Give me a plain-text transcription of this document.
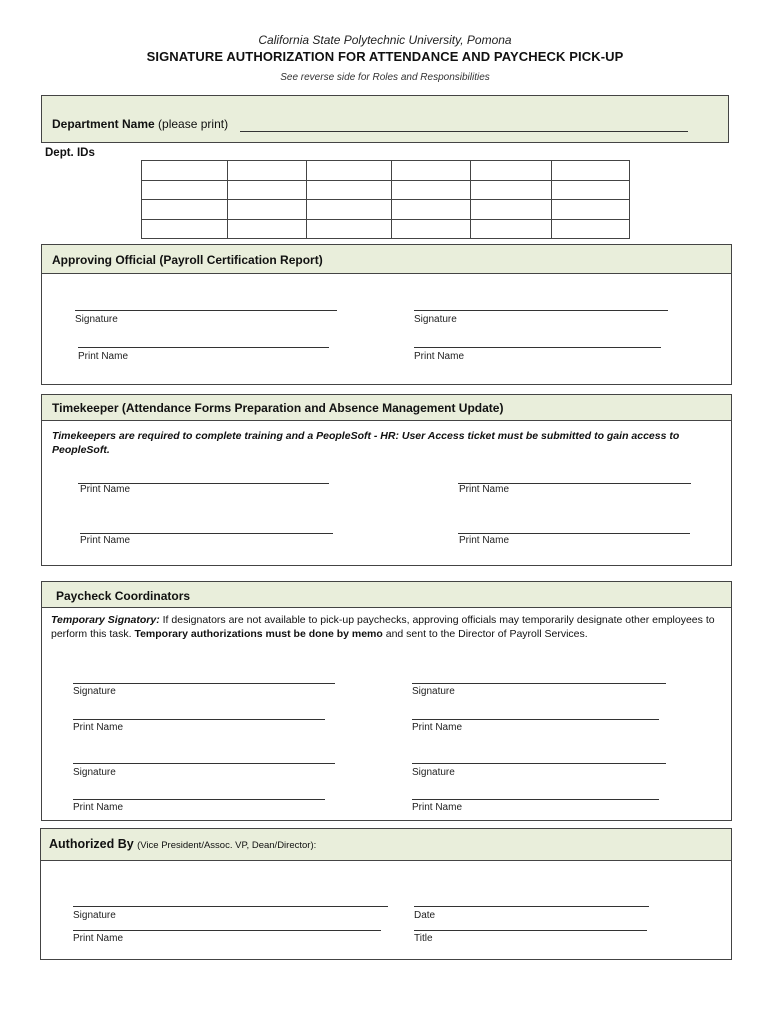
California State Polytechnic University, Pomona
SIGNATURE AUTHORIZATION FOR ATTENDANCE AND PAYCHECK PICK-UP
See reverse side for Roles and Responsibilities
Department Name (please print)
Dept. IDs

Approving Official (Payroll Certification Report)
Signature	Signature
Print Name	Print Name
Timekeeper (Attendance Forms Preparation and Absence Management Update)
Timekeepers are required to complete training and a PeopleSoft - HR: User Access ticket must be submitted to gain access to PeopleSoft.
Print Name	Print Name
Print Name	Print Name
Paycheck Coordinators
Temporary Signatory: If designators are not available to pick-up paychecks, approving officials may temporarily designate other employees to perform this task. Temporary authorizations must be done by memo and sent to the Director of Payroll Services.
Signature	Signature
Print Name	Print Name
Signature	Signature
Print Name	Print Name
Authorized By (Vice President/Assoc. VP, Dean/Director):
Signature	Date
Print Name	Title
